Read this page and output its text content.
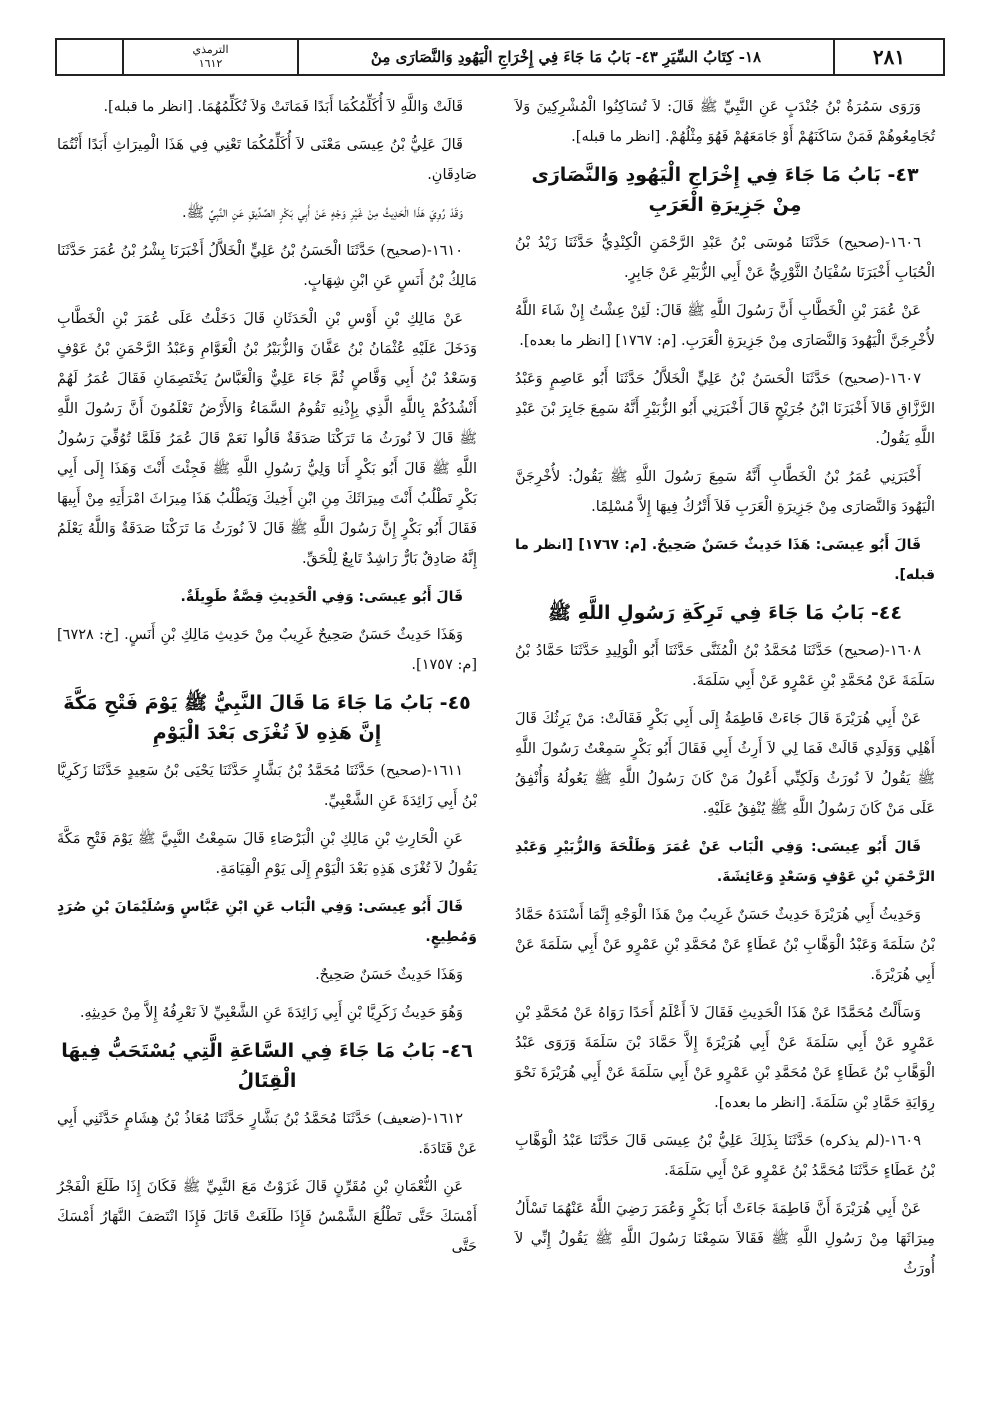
٢٨١
١٨- كِتَابُ السِّيَرِ ٤٣- بَابُ مَا جَاءَ فِي إِخْرَاجِ الْيَهُودِ وَالنَّصَارَى مِنْ
الترمذي
١٦١٢

وَرَوَى سَمُرَةُ بْنُ جُنْدَبٍ عَنِ النَّبِيِّ ﷺ قَالَ: لاَ تُسَاكِنُوا الْمُشْرِكِينَ وَلاَ تُجَامِعُوهُمْ فَمَنْ سَاكَنَهُمْ أَوْ جَامَعَهُمْ فَهُوَ مِثْلُهُمْ. [انظر ما قبله].

٤٣- بَابُ مَا جَاءَ فِي إِخْرَاجِ الْيَهُودِ وَالنَّصَارَى مِنْ جَزِيرَةِ الْعَرَبِ

١٦٠٦-(صحيح) حَدَّثَنَا مُوسَى بْنُ عَبْدِ الرَّحْمَنِ الْكِنْدِيُّ حَدَّثَنَا زَيْدُ بْنُ الْحُبَابِ أَخْبَرَنَا سُفْيَانُ الثَّوْرِيُّ عَنْ أَبِي الزُّبَيْرِ عَنْ جَابِرٍ.

عَنْ عُمَرَ بْنِ الْخَطَّابِ أَنَّ رَسُولَ اللَّهِ ﷺ قَالَ: لَئِنْ عِشْتُ إِنْ شَاءَ اللَّهُ لأُخْرِجَنَّ الْيَهُودَ وَالنَّصَارَى مِنْ جَزِيرَةِ الْعَرَبِ. [م: ١٧٦٧] [انظر ما بعده].

١٦٠٧-(صحيح) حَدَّثَنَا الْحَسَنُ بْنُ عَلِيٍّ الْخَلاَّلُ حَدَّثَنَا أَبُو عَاصِمٍ وَعَبْدُ الرَّزَّاقِ قَالاَ أَخْبَرَنَا ابْنُ جُرَيْجٍ قَالَ أَخْبَرَنِي أَبُو الزُّبَيْرِ أَنَّهُ سَمِعَ جَابِرَ بْنَ عَبْدِ اللَّهِ يَقُولُ.

أَخْبَرَنِي عُمَرُ بْنُ الْخَطَّابِ أَنَّهُ سَمِعَ رَسُولَ اللَّهِ ﷺ يَقُولُ: لأُخْرِجَنَّ الْيَهُودَ وَالنَّصَارَى مِنْ جَزِيرَةِ الْعَرَبِ فَلاَ أَتْرُكُ فِيهَا إِلاَّ مُسْلِمًا.

قَالَ أَبُو عِيسَى: هَذَا حَدِيثٌ حَسَنٌ صَحِيحٌ. [م: ١٧٦٧] [انظر ما قبله].

٤٤- بَابُ مَا جَاءَ فِي تَرِكَةِ رَسُولِ اللَّهِ ﷺ

١٦٠٨-(صحيح) حَدَّثَنَا مُحَمَّدُ بْنُ الْمُثَنَّى حَدَّثَنَا أَبُو الْوَلِيدِ حَدَّثَنَا حَمَّادُ بْنُ سَلَمَةَ عَنْ مُحَمَّدِ بْنِ عَمْرٍو عَنْ أَبِي سَلَمَةَ.

عَنْ أَبِي هُرَيْرَةَ قَالَ جَاءَتْ فَاطِمَةُ إِلَى أَبِي بَكْرٍ فَقَالَتْ: مَنْ يَرِثُكَ قَالَ أَهْلِي وَوَلَدِي قَالَتْ فَمَا لِي لاَ أَرِثُ أَبِي فَقَالَ أَبُو بَكْرٍ سَمِعْتُ رَسُولَ اللَّهِ ﷺ يَقُولُ لاَ نُورَثُ وَلَكِنِّي أَعُولُ مَنْ كَانَ رَسُولُ اللَّهِ ﷺ يَعُولُهُ وَأُنْفِقُ عَلَى مَنْ كَانَ رَسُولُ اللَّهِ ﷺ يُنْفِقُ عَلَيْهِ.

قَالَ أَبُو عِيسَى: وَفِي الْبَاب عَنْ عُمَرَ وَطَلْحَةَ وَالزُّبَيْرِ وَعَبْدِ الرَّحْمَنِ بْنِ عَوْفٍ وَسَعْدٍ وَعَائِشَةَ.

وَحَدِيثُ أَبِي هُرَيْرَةَ حَدِيثٌ حَسَنٌ غَرِيبٌ مِنْ هَذَا الْوَجْهِ إِنَّمَا أَسْنَدَهُ حَمَّادُ بْنُ سَلَمَةَ وَعَبْدُ الْوَهَّابِ بْنُ عَطَاءٍ عَنْ مُحَمَّدِ بْنِ عَمْرٍو عَنْ أَبِي سَلَمَةَ عَنْ أَبِي هُرَيْرَةَ.

وَسَأَلْتُ مُحَمَّدًا عَنْ هَذَا الْحَدِيثِ فَقَالَ لاَ أَعْلَمُ أَحَدًا رَوَاهُ عَنْ مُحَمَّدِ بْنِ عَمْرٍو عَنْ أَبِي سَلَمَةَ عَنْ أَبِي هُرَيْرَةَ إِلاَّ حَمَّادَ بْنَ سَلَمَةَ وَرَوَى عَبْدُ الْوَهَّابِ بْنُ عَطَاءٍ عَنْ مُحَمَّدِ بْنِ عَمْرٍو عَنْ أَبِي سَلَمَةَ عَنْ أَبِي هُرَيْرَةَ نَحْوَ رِوَايَةِ حَمَّادِ بْنِ سَلَمَةَ. [انظر ما بعده].

١٦٠٩-(لم يذكره) حَدَّثَنَا بِذَلِكَ عَلِيُّ بْنُ عِيسَى قَالَ حَدَّثَنَا عَبْدُ الْوَهَّابِ بْنُ عَطَاءٍ حَدَّثَنَا مُحَمَّدُ بْنُ عَمْرٍو عَنْ أَبِي سَلَمَةَ.

عَنْ أَبِي هُرَيْرَةَ أَنَّ فَاطِمَةَ جَاءَتْ أَبَا بَكْرٍ وَعُمَرَ رَضِيَ اللَّهُ عَنْهُمَا تَسْأَلُ مِيرَاثَهَا مِنْ رَسُولِ اللَّهِ ﷺ فَقَالاَ سَمِعْنَا رَسُولَ اللَّهِ ﷺ يَقُولُ إِنِّي لاَ أُورَثُ

قَالَتْ وَاللَّهِ لاَ أُكَلِّمُكُمَا أَبَدًا فَمَاتَتْ وَلاَ تُكَلِّمُهُمَا. [انظر ما قبله].

قَالَ عَلِيُّ بْنُ عِيسَى مَعْنَى لاَ أُكَلِّمُكُمَا تَعْنِي فِي هَذَا الْمِيرَاثِ أَبَدًا أَنْتُمَا صَادِقَانِ.

وَقَدْ رُوِيَ هَذَا الْحَدِيثُ مِنْ غَيْرِ وَجْهٍ عَنْ أَبِي بَكْرٍ الصِّدِّيقِ عَنِ النَّبِيِّ ﷺ.

١٦١٠-(صحيح) حَدَّثَنَا الْحَسَنُ بْنُ عَلِيٍّ الْخَلاَّلُ أَخْبَرَنَا بِشْرُ بْنُ عُمَرَ حَدَّثَنَا مَالِكُ بْنُ أَنَسٍ عَنِ ابْنِ شِهَابٍ.

عَنْ مَالِكِ بْنِ أَوْسِ بْنِ الْحَدَثَانِ قَالَ دَخَلْتُ عَلَى عُمَرَ بْنِ الْخَطَّابِ وَدَخَلَ عَلَيْهِ عُثْمَانُ بْنُ عَفَّانَ وَالزُّبَيْرُ بْنُ الْعَوَّامِ وَعَبْدُ الرَّحْمَنِ بْنُ عَوْفٍ وَسَعْدُ بْنُ أَبِي وَقَّاصٍ ثُمَّ جَاءَ عَلِيٌّ وَالْعَبَّاسُ يَخْتَصِمَانِ فَقَالَ عُمَرُ لَهُمْ أَنْشُدُكُمْ بِاللَّهِ الَّذِي بِإِذْنِهِ تَقُومُ السَّمَاءُ وَالأَرْضُ تَعْلَمُونَ أَنَّ رَسُولَ اللَّهِ ﷺ قَالَ لاَ نُورَثُ مَا تَرَكْنَا صَدَقَةٌ قَالُوا نَعَمْ قَالَ عُمَرُ فَلَمَّا تُوُفِّيَ رَسُولُ اللَّهِ ﷺ قَالَ أَبُو بَكْرٍ أَنَا وَلِيُّ رَسُولِ اللَّهِ ﷺ فَجِئْتَ أَنْتَ وَهَذَا إِلَى أَبِي بَكْرٍ تَطْلُبُ أَنْتَ مِيرَاثَكَ مِنِ ابْنِ أَخِيكَ وَيَطْلُبُ هَذَا مِيرَاثَ امْرَأَتِهِ مِنْ أَبِيهَا فَقَالَ أَبُو بَكْرٍ إِنَّ رَسُولَ اللَّهِ ﷺ قَالَ لاَ نُورَثُ مَا تَرَكْنَا صَدَقَةٌ وَاللَّهُ يَعْلَمُ إِنَّهُ صَادِقٌ بَارٌّ رَاشِدٌ تَابِعٌ لِلْحَقِّ.

قَالَ أَبُو عِيسَى: وَفِي الْحَدِيثِ قِصَّةٌ طَوِيلَةٌ.

وَهَذَا حَدِيثٌ حَسَنٌ صَحِيحٌ غَرِيبٌ مِنْ حَدِيثِ مَالِكِ بْنِ أَنَسٍ. [خ: ٦٧٢٨] [م: ١٧٥٧].

٤٥- بَابُ مَا جَاءَ مَا قَالَ النَّبِيُّ ﷺ يَوْمَ فَتْحِ مَكَّةَ إِنَّ هَذِهِ لاَ تُغْزَى بَعْدَ الْيَوْمِ

١٦١١-(صحيح) حَدَّثَنَا مُحَمَّدُ بْنُ بَشَّارٍ حَدَّثَنَا يَحْيَى بْنُ سَعِيدٍ حَدَّثَنَا زَكَرِيَّا بْنُ أَبِي زَائِدَةَ عَنِ الشَّعْبِيِّ.

عَنِ الْحَارِثِ بْنِ مَالِكِ بْنِ الْبَرْصَاءِ قَالَ سَمِعْتُ النَّبِيَّ ﷺ يَوْمَ فَتْحِ مَكَّةَ يَقُولُ لاَ تُغْزَى هَذِهِ بَعْدَ الْيَوْمِ إِلَى يَوْمِ الْقِيَامَةِ.

قَالَ أَبُو عِيسَى: وَفِي الْبَاب عَنِ ابْنِ عَبَّاسٍ وَسُلَيْمَانَ بْنِ صُرَدٍ وَمُطِيعٍ.

وَهَذَا حَدِيثٌ حَسَنٌ صَحِيحٌ.

وَهُوَ حَدِيثُ زَكَرِيَّا بْنِ أَبِي زَائِدَةَ عَنِ الشَّعْبِيِّ لاَ نَعْرِفُهُ إِلاَّ مِنْ حَدِيثِهِ.

٤٦- بَابُ مَا جَاءَ فِي السَّاعَةِ الَّتِي يُسْتَحَبُّ فِيهَا الْقِتَالُ

١٦١٢-(ضعيف) حَدَّثَنَا مُحَمَّدُ بْنُ بَشَّارٍ حَدَّثَنَا مُعَاذُ بْنُ هِشَامٍ حَدَّثَنِي أَبِي عَنْ قَتَادَةَ.

عَنِ النُّعْمَانِ بْنِ مُقَرِّنٍ قَالَ غَزَوْتُ مَعَ النَّبِيِّ ﷺ فَكَانَ إِذَا طَلَعَ الْفَجْرُ أَمْسَكَ حَتَّى تَطْلُعَ الشَّمْسُ فَإِذَا طَلَعَتْ قَاتَلَ فَإِذَا انْتَصَفَ النَّهَارُ أَمْسَكَ حَتَّى
